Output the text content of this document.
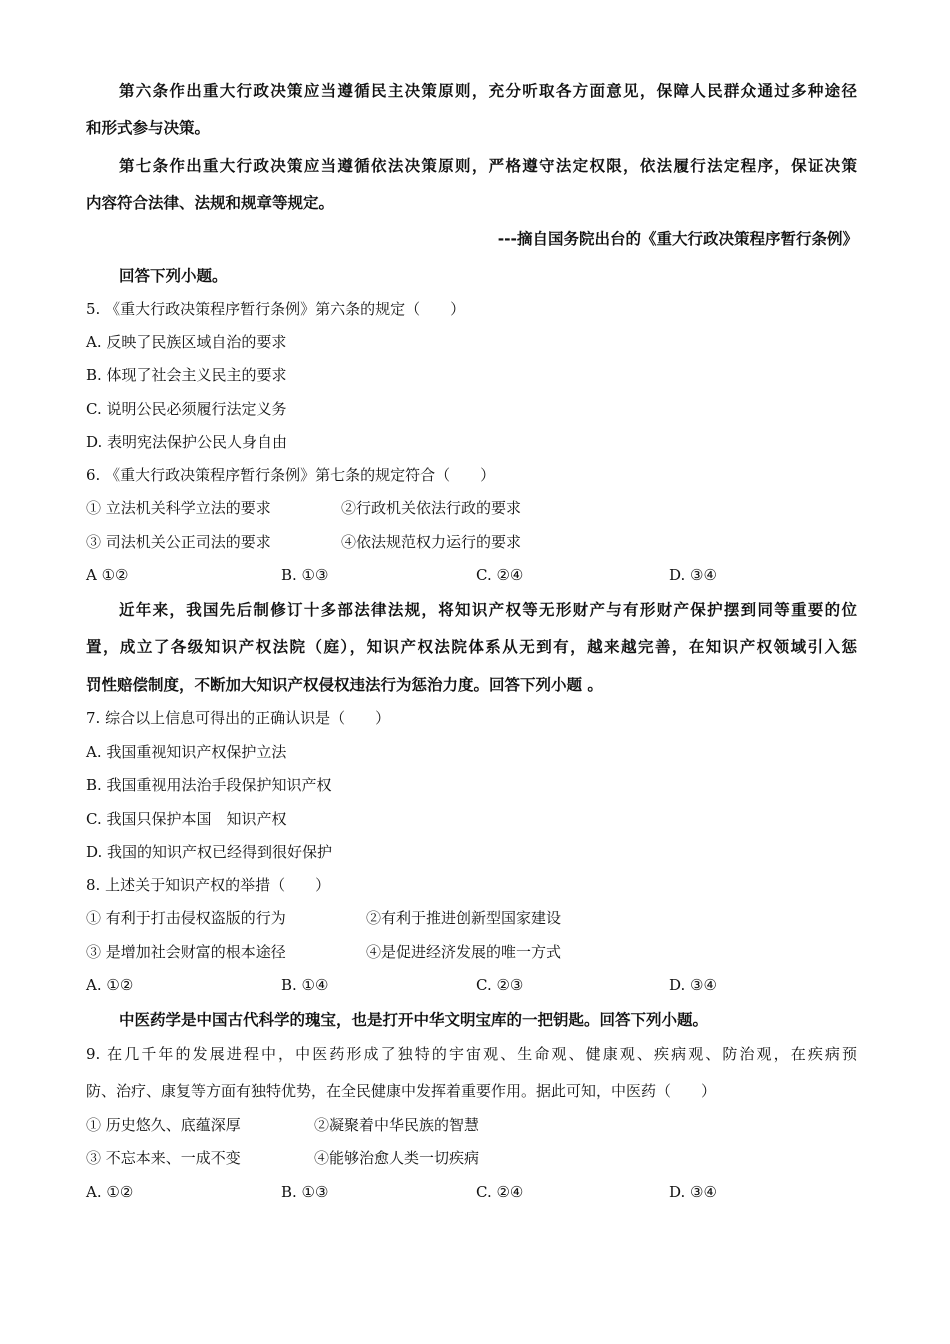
第六条作出重大行政决策应当遵循民主决策原则，充分听取各方面意见，保障人民群众通过多种途径
和形式参与决策。
第七条作出重大行政决策应当遵循依法决策原则，严格遵守法定权限，依法履行法定程序，保证决策
内容符合法律、法规和规章等规定。
---摘自国务院出台的《重大行政决策程序暂行条例》
回答下列小题。
5. 《重大行政决策程序暂行条例》第六条的规定（　　）
A. 反映了民族区域自治的要求
B. 体现了社会主义民主的要求
C. 说明公民必须履行法定义务
D. 表明宪法保护公民人身自由
6. 《重大行政决策程序暂行条例》第七条的规定符合（　　）
① 立法机关科学立法的要求	②行政机关依法行政的要求
③ 司法机关公正司法的要求	④依法规范权力运行的要求
A ①②	B. ①③	C. ②④	D. ③④
近年来，我国先后制修订十多部法律法规，将知识产权等无形财产与有形财产保护摆到同等重要的位
置，成立了各级知识产权法院（庭），知识产权法院体系从无到有，越来越完善，在知识产权领域引入惩
罚性赔偿制度，不断加大知识产权侵权违法行为惩治力度。回答下列小题 。
7. 综合以上信息可得出的正确认识是（　　）
A. 我国重视知识产权保护立法
B. 我国重视用法治手段保护知识产权
C. 我国只保护本国　知识产权
D. 我国的知识产权已经得到很好保护
8. 上述关于知识产权的举措（　　）
① 有利于打击侵权盗版的行为	②有利于推进创新型国家建设
③ 是增加社会财富的根本途径	④是促进经济发展的唯一方式
A. ①②	B. ①④	C. ②③	D. ③④
中医药学是中国古代科学的瑰宝，也是打开中华文明宝库的一把钥匙。回答下列小题。
9. 在几千年的发展进程中，中医药形成了独特的宇宙观、生命观、健康观、疾病观、防治观，在疾病预
防、治疗、康复等方面有独特优势，在全民健康中发挥着重要作用。据此可知，中医药（　　）
① 历史悠久、底蕴深厚	②凝聚着中华民族的智慧
③ 不忘本来、一成不变	④能够治愈人类一切疾病
A. ①②	B. ①③	C. ②④	D. ③④
